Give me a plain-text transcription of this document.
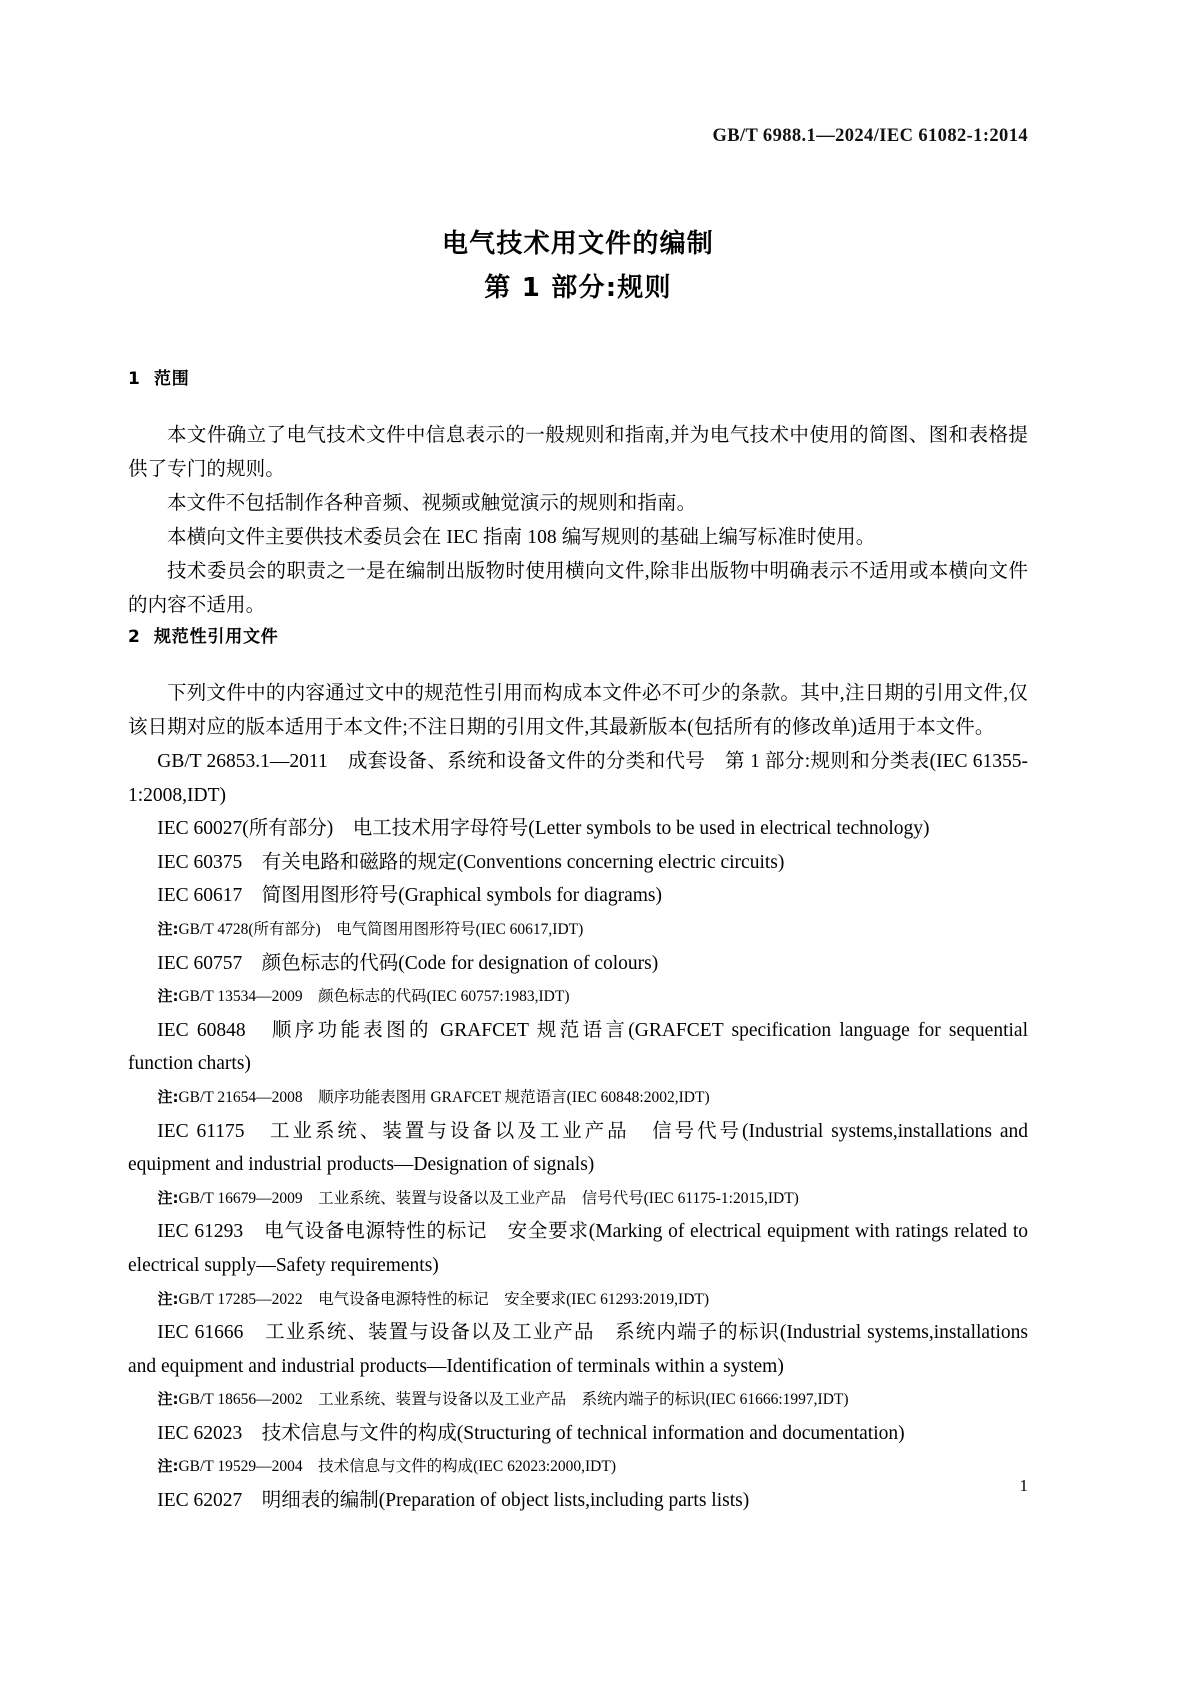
GB/T 6988.1—2024/IEC 61082-1:2014
电气技术用文件的编制
第 1 部分:规则
1 范围

本文件确立了电气技术文件中信息表示的一般规则和指南,并为电气技术中使用的简图、图和表格提供了专门的规则。

本文件不包括制作各种音频、视频或触觉演示的规则和指南。

本横向文件主要供技术委员会在 IEC 指南 108 编写规则的基础上编写标准时使用。

技术委员会的职责之一是在编制出版物时使用横向文件,除非出版物中明确表示不适用或本横向文件的内容不适用。

2 规范性引用文件

下列文件中的内容通过文中的规范性引用而构成本文件必不可少的条款。其中,注日期的引用文件,仅该日期对应的版本适用于本文件;不注日期的引用文件,其最新版本(包括所有的修改单)适用于本文件。

GB/T 26853.1—2011　成套设备、系统和设备文件的分类和代号　第 1 部分:规则和分类表(IEC 61355-1:2008,IDT)

IEC 60027(所有部分)　电工技术用字母符号(Letter symbols to be used in electrical technology)

IEC 60375　有关电路和磁路的规定(Conventions concerning electric circuits)

IEC 60617　简图用图形符号(Graphical symbols for diagrams)

注:GB/T 4728(所有部分)　电气简图用图形符号(IEC 60617,IDT)

IEC 60757　颜色标志的代码(Code for designation of colours)

注:GB/T 13534—2009　颜色标志的代码(IEC 60757:1983,IDT)

IEC 60848　顺序功能表图的 GRAFCET 规范语言(GRAFCET specification language for sequential function charts)

注:GB/T 21654—2008　顺序功能表图用 GRAFCET 规范语言(IEC 60848:2002,IDT)

IEC 61175　工业系统、装置与设备以及工业产品　信号代号(Industrial systems,installations and equipment and industrial products—Designation of signals)

注:GB/T 16679—2009　工业系统、装置与设备以及工业产品　信号代号(IEC 61175-1:2015,IDT)

IEC 61293　电气设备电源特性的标记　安全要求(Marking of electrical equipment with ratings related to electrical supply—Safety requirements)

注:GB/T 17285—2022　电气设备电源特性的标记　安全要求(IEC 61293:2019,IDT)

IEC 61666　工业系统、装置与设备以及工业产品　系统内端子的标识(Industrial systems,installations and equipment and industrial products—Identification of terminals within a system)

注:GB/T 18656—2002　工业系统、装置与设备以及工业产品　系统内端子的标识(IEC 61666:1997,IDT)

IEC 62023　技术信息与文件的构成(Structuring of technical information and documentation)

注:GB/T 19529—2004　技术信息与文件的构成(IEC 62023:2000,IDT)

IEC 62027　明细表的编制(Preparation of object lists,including parts lists)

1
